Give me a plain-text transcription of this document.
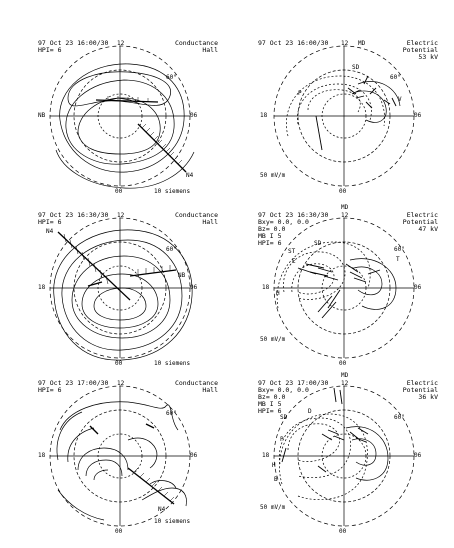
97 Oct 23 16:00/30
HPI= 6
Conductance
Hall
12
00
NB	06
60°
N4
10 siemens
97 Oct 23 16:00/30	Electric
Potential
53 kV
12 MD
00
18	06
60°
SD
P
V
50 mV/m
97 Oct 23 16:30/30
HPI= 6
Conductance
Hall
12
00
18	06
60°
N4
NB
10 siemens
97 Oct 23 16:30/30
Bxy= 0.0, 0.0
Bz= 0.0
MB I 5
HPI= 6
Electric
Potential
47 kV
12
MD
00
18	06
60°
SD
ST
H
E	T
50 mV/m
97 Oct 23 17:00/30
HPI= 6
Conductance
Hall
12
00
18	06
60°
N4
10 siemens
97 Oct 23 17:00/30
Bxy= 0.0, 0.0
Bz= 0.0
MB I 5
HPI= 6
Electric
Potential
36 kV
12
MD
00
18	06
60°
SD
P
H
B
D
50 mV/m
